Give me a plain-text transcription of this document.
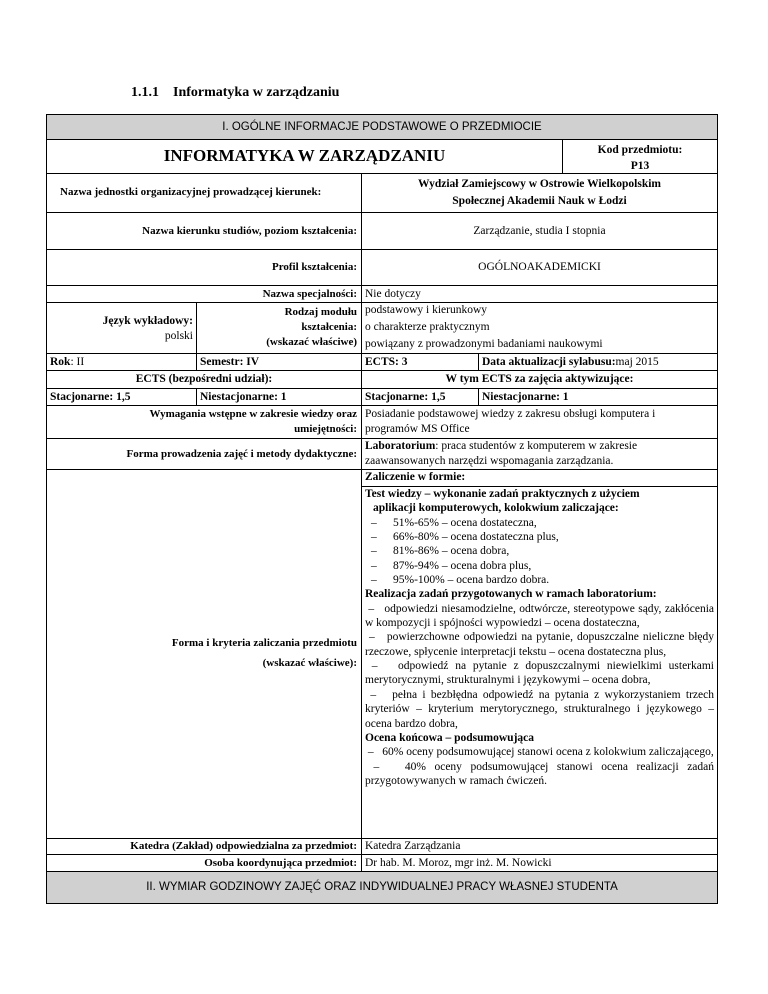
1.1.1 Informatyka w zarządzaniu
I. OGÓLNE INFORMACJE PODSTAWOWE O PRZEDMIOCIE
INFORMATYKA W ZARZĄDZANIU	Kod przedmiotu:
P13
Nazwa jednostki organizacyjnej prowadzącej kierunek:
Wydział Zamiejscowy w Ostrowie Wielkopolskim
Społecznej Akademii Nauk w Łodzi
Nazwa kierunku studiów, poziom kształcenia:	Zarządzanie, studia I stopnia
Profil kształcenia:	OGÓLNOAKADEMICKI
Nazwa specjalności: Nie dotyczy
Język wykładowy:
polski
Rodzaj modułu
kształcenia:
(wskazać właściwe)
podstawowy i kierunkowy
o charakterze praktycznym
powiązany z prowadzonymi badaniami naukowymi
Rok : II	Semestr: IV	ECTS: 3	Data aktualizacji sylabusu: maj 2015
ECTS (bezpośredni udział):	W tym ECTS za zajęcia aktywizujące:
Stacjonarne: 1,5	Niestacjonarne: 1	Stacjonarne: 1,5	Niestacjonarne: 1
Wymagania wstępne w zakresie wiedzy oraz
umiejętności:
Posiadanie podstawowej wiedzy z zakresu obsługi komputera i
programów MS Office
Forma prowadzenia zajęć i metody dydaktyczne:
Laboratorium: praca studentów z komputerem w zakresie
zaawansowanych narzędzi wspomagania zarządzania.
Zaliczenie w formie:
Forma i kryteria zaliczania przedmiotu
(wskazać właściwe):
Test wiedzy – wykonanie zadań praktycznych z użyciem
aplikacji komputerowych, kolokwium zaliczające:
–	51%-65% – ocena dostateczna,
–	66%-80% – ocena dostateczna plus,
–	81%-86% – ocena dobra,
–	87%-94% – ocena dobra plus,
–	95%-100% – ocena bardzo dobra.
Realizacja zadań przygotowanych w ramach laboratorium:
–   odpowiedzi niesamodzielne, odtwórcze, stereotypowe sądy, zakłócenia w kompozycji i spójności wypowiedzi – ocena dostateczna,
–   powierzchowne odpowiedzi na pytanie, dopuszczalne nieliczne błędy rzeczowe, spłycenie interpretacji tekstu – ocena dostateczna plus,
–   odpowiedź na pytanie z dopuszczalnymi niewielkimi usterkami merytorycznymi, strukturalnymi i językowymi – ocena dobra,
–   pełna i bezbłędna odpowiedź na pytania z wykorzystaniem trzech kryteriów – kryterium merytorycznego, strukturalnego i językowego – ocena bardzo dobra,
Ocena końcowa – podsumowująca
–   60% oceny podsumowującej stanowi ocena z kolokwium zaliczającego,
–   40% oceny podsumowującej stanowi ocena realizacji zadań przygotowywanych w ramach ćwiczeń.
Katedra (Zakład) odpowiedzialna za przedmiot: Katedra Zarządzania
Osoba koordynująca przedmiot: Dr hab. M. Moroz, mgr inż. M. Nowicki
II. WYMIAR GODZINOWY ZAJĘĆ ORAZ INDYWIDUALNEJ PRACY WŁASNEJ STUDENTA
